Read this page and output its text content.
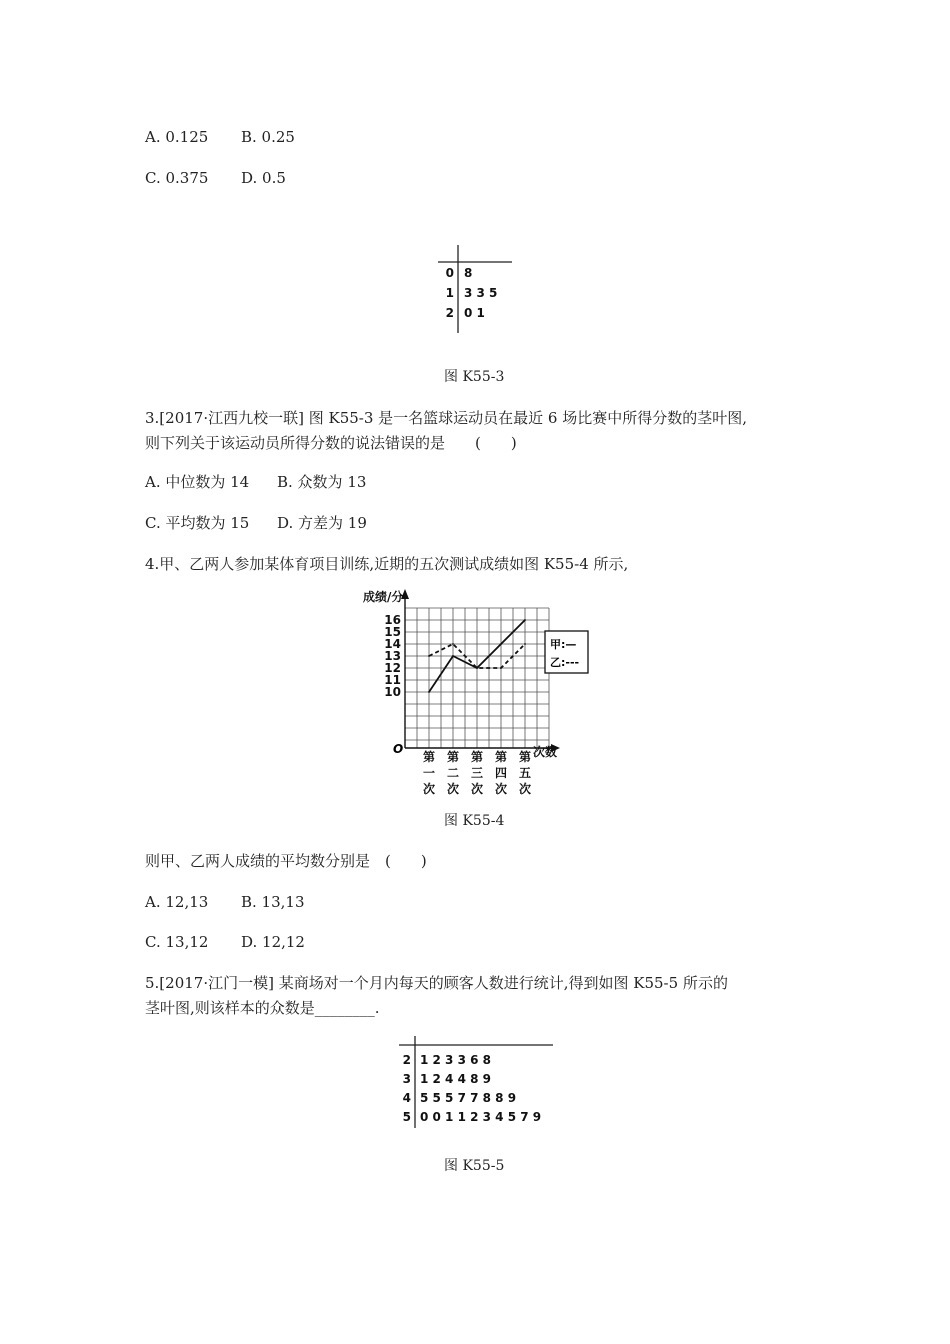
A. 0.125 B. 0.25
C. 0.375 D. 0.5
0 8
1 3 3 5
2 0 1
图 K55-3
3.[2017·江西九校一联] 图 K55-3 是一名篮球运动员在最近 6 场比赛中所得分数的茎叶图,
则下列关于该运动员所得分数的说法错误的是　　(　　)
A. 中位数为 14 B. 众数为 13
C. 平均数为 15 D. 方差为 19
4.甲、乙两人参加某体育项目训练,近期的五次测试成绩如图 K55-4 所示,
成绩/分
次数
O
10
11
12
13
14
15
16
第
一
次
第
二
次
第
三
次
第
四
次
第
五
次
甲:—
乙:---
图 K55-4
则甲、乙两人成绩的平均数分别是　(　　)
A. 12,13 B. 13,13
C. 13,12 D. 12,12
5.[2017·江门一模] 某商场对一个月内每天的顾客人数进行统计,得到如图 K55-5 所示的
茎叶图,则该样本的众数是________.
2 1 2 3 3 6 8
3 1 2 4 4 8 9
4 5 5 5 7 7 8 8 9
5 0 0 1 1 2 3 4 5 7 9
图 K55-5
